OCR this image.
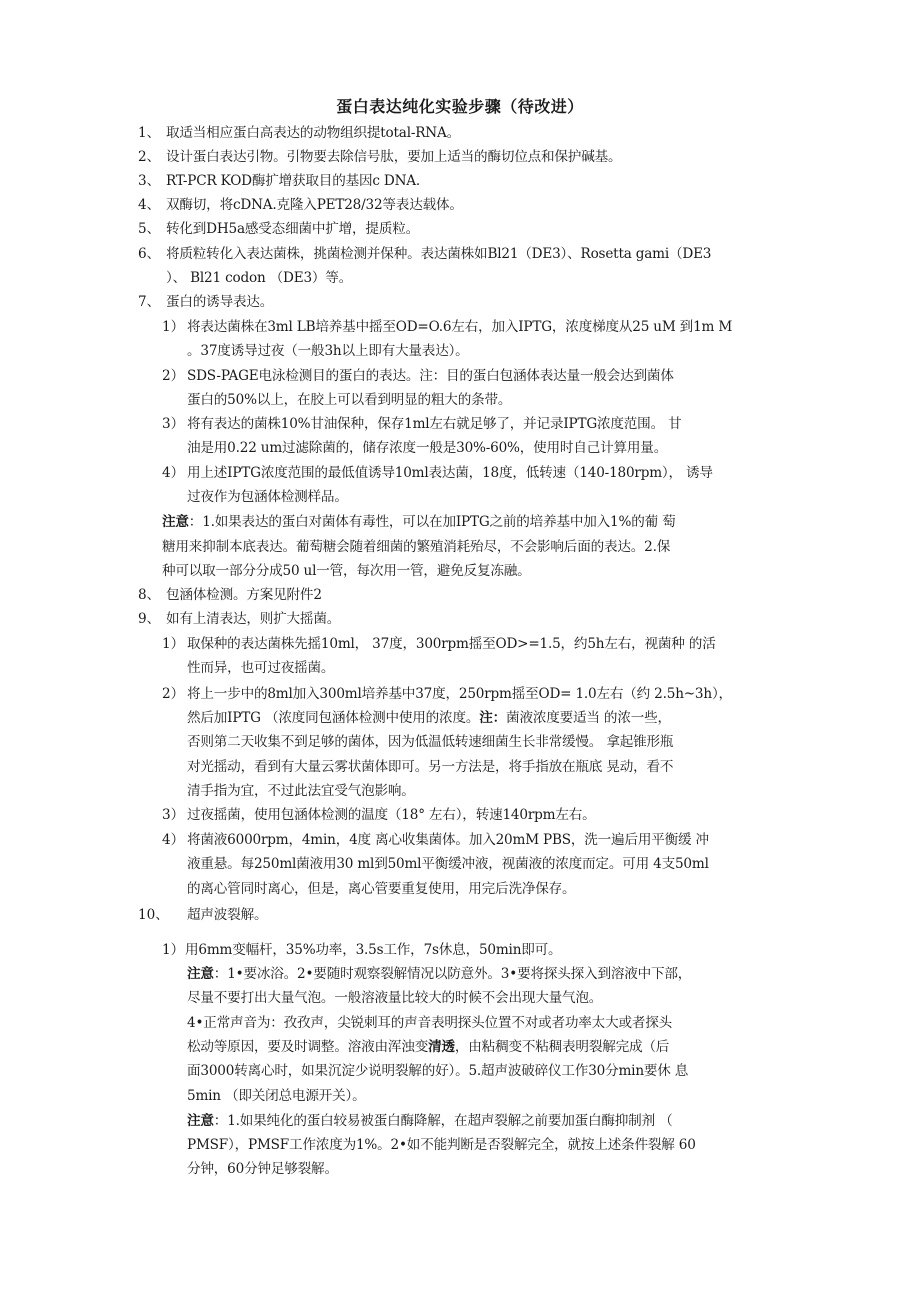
蛋白表达纯化实验步骤（待改进）
1、 取适当相应蛋白高表达的动物组织提total-RNA。
2、 设计蛋白表达引物。引物要去除信号肽，要加上适当的酶切位点和保护碱基。
3、 RT-PCR KOD酶扩增获取目的基因c DNA.
4、 双酶切，将cDNA.克隆入PET28/32等表达载体。
5、 转化到DH5a感受态细菌中扩增，提质粒。
6、 将质粒转化入表达菌株，挑菌检测并保种。表达菌株如Bl21（DE3）、Rosetta gami（DE3
）、 Bl21 codon （DE3）等。
7、 蛋白的诱导表达。
1） 将表达菌株在3ml LB培养基中摇至OD=O.6左右，加入IPTG，浓度梯度从25 uM 到1m M
。37度诱导过夜（一般3h以上即有大量表达）。
2） SDS-PAGE电泳检测目的蛋白的表达。注：目的蛋白包涵体表达量一般会达到菌体
蛋白的50%以上，在胶上可以看到明显的粗大的条带。
3） 将有表达的菌株10%甘油保种，保存1ml左右就足够了，并记录IPTG浓度范围。 甘
油是用0.22 um过滤除菌的，储存浓度一般是30%-60%，使用时自己计算用量。
4） 用上述IPTG浓度范围的最低值诱导10ml表达菌，18度，低转速（140-180rpm）， 诱导
过夜作为包涵体检测样品。
注意：1.如果表达的蛋白对菌体有毒性，可以在加IPTG之前的培养基中加入1%的葡 萄
糖用来抑制本底表达。葡萄糖会随着细菌的繁殖消耗殆尽，不会影响后面的表达。2.保
种可以取一部分分成50 ul一管，每次用一管，避免反复冻融。
8、 包涵体检测。方案见附件2
9、 如有上清表达，则扩大摇菌。
1） 取保种的表达菌株先摇10ml， 37度，300rpm摇至OD>=1.5，约5h左右，视菌种 的活
性而异，也可过夜摇菌。
2） 将上一步中的8ml加入300ml培养基中37度，250rpm摇至OD= 1.0左右（约 2.5h~3h），
然后加IPTG （浓度同包涵体检测中使用的浓度。注：菌液浓度要适当 的浓一些，
否则第二天收集不到足够的菌体，因为低温低转速细菌生长非常缓慢。 拿起锥形瓶
对光摇动，看到有大量云雾状菌体即可。另一方法是，将手指放在瓶底 晃动，看不
清手指为宜，不过此法宜受气泡影响。
3） 过夜摇菌，使用包涵体检测的温度（18° 左右），转速140rpm左右。
4） 将菌液6000rpm，4min，4度 离心收集菌体。加入20mM PBS，洗一遍后用平衡缓 冲
液重悬。每250ml菌液用30 ml到50ml平衡缓冲液，视菌液的浓度而定。可用 4支50ml
的离心管同时离心，但是，离心管要重复使用，用完后洗净保存。
10、 超声波裂解。
1） 用6mm变幅杆，35%功率，3.5s工作，7s休息，50min即可。
注意：1•要冰浴。2•要随时观察裂解情况以防意外。3•要将探头探入到溶液中下部，
尽量不要打出大量气泡。一般溶液量比较大的时候不会出现大量气泡。
4•正常声音为：孜孜声，尖锐刺耳的声音表明探头位置不对或者功率太大或者探头
松动等原因，要及时调整。溶液由浑浊变清透，由粘稠变不粘稠表明裂解完成（后
面3000转离心时，如果沉淀少说明裂解的好）。5.超声波破碎仪工作30分min要休 息
5min （即关闭总电源开关）。
注意：1.如果纯化的蛋白较易被蛋白酶降解，在超声裂解之前要加蛋白酶抑制剂 （
PMSF），PMSF工作浓度为1%。2•如不能判断是否裂解完全，就按上述条件裂解 60
分钟，60分钟足够裂解。
